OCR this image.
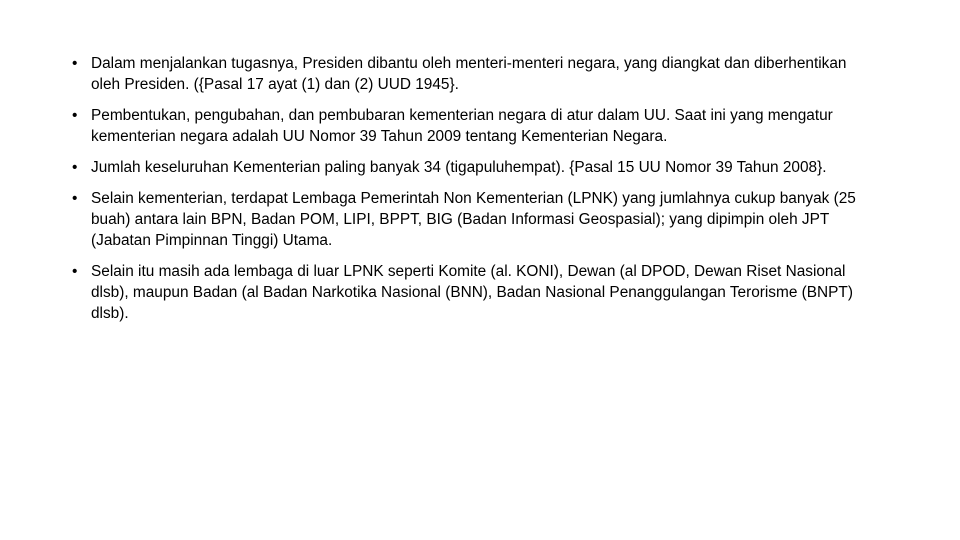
• Dalam menjalankan tugasnya, Presiden dibantu oleh menteri-menteri negara, yang diangkat dan diberhentikan oleh Presiden. ({Pasal 17 ayat (1) dan (2) UUD 1945}.
• Pembentukan, pengubahan, dan pembubaran kementerian negara di atur dalam UU. Saat ini yang mengatur kementerian negara adalah UU Nomor 39 Tahun 2009 tentang Kementerian Negara.
• Jumlah keseluruhan Kementerian paling banyak 34 (tigapuluhempat). {Pasal 15 UU Nomor 39 Tahun 2008}.
• Selain kementerian, terdapat Lembaga Pemerintah Non Kementerian (LPNK) yang jumlahnya cukup banyak (25 buah) antara lain BPN, Badan POM, LIPI, BPPT, BIG (Badan Informasi Geospasial); yang dipimpin oleh JPT (Jabatan Pimpinnan Tinggi) Utama.
• Selain itu masih ada lembaga di luar LPNK seperti Komite (al. KONI), Dewan (al DPOD, Dewan Riset Nasional dlsb), maupun Badan (al Badan Narkotika Nasional (BNN), Badan Nasional Penanggulangan Terorisme (BNPT) dlsb).
